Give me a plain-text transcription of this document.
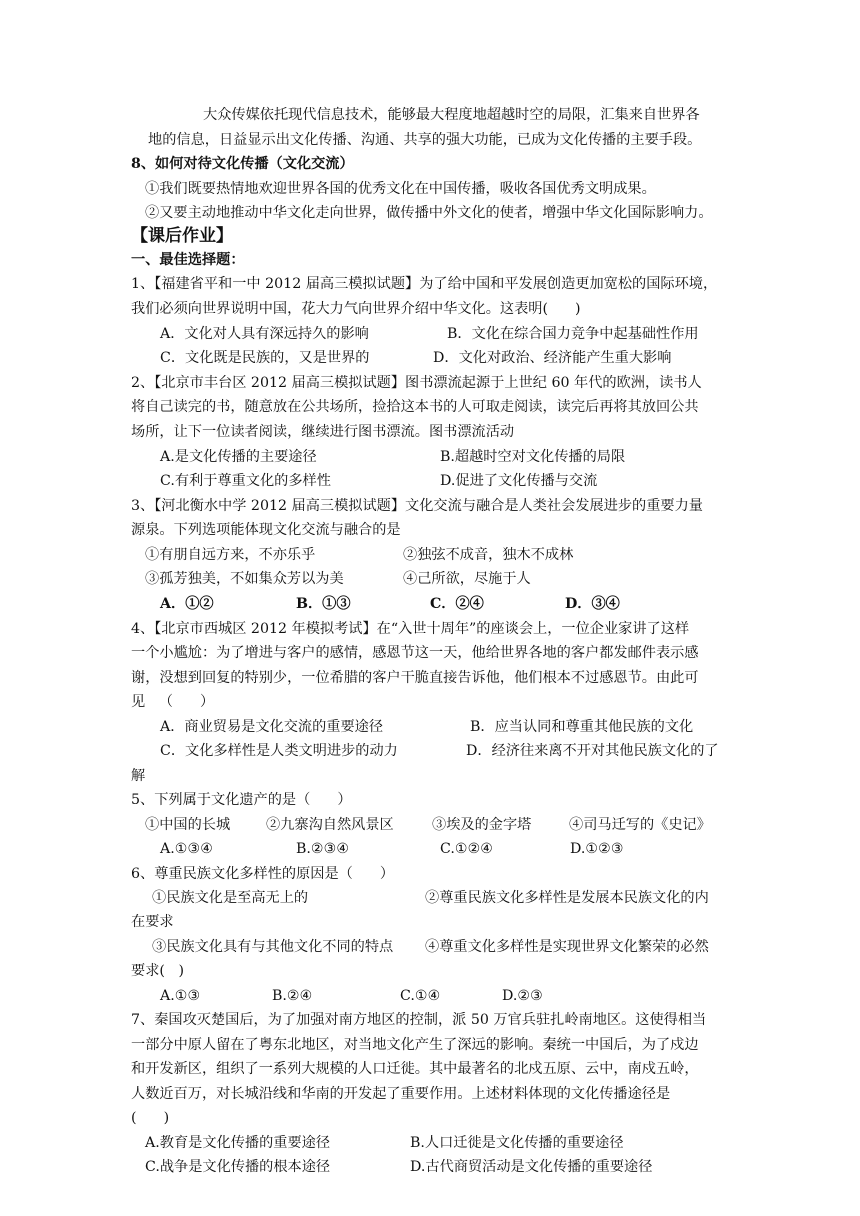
大众传媒依托现代信息技术，能够最大程度地超越时空的局限，汇集来自世界各
地的信息，日益显示出文化传播、沟通、共享的强大功能，已成为文化传播的主要手段。
8、如何对待文化传播（文化交流）
①我们既要热情地欢迎世界各国的优秀文化在中国传播，吸收各国优秀文明成果。
②又要主动地推动中华文化走向世界，做传播中外文化的使者，增强中华文化国际影响力。
【课后作业】
一、最佳选择题：
1、【福建省平和一中 2012 届高三模拟试题】为了给中国和平发展创造更加宽松的国际环境，
我们必须向世界说明中国，花大力气向世界介绍中华文化。这表明(      )
A．文化对人具有深远持久的影响	B．文化在综合国力竞争中起基础性作用
C．文化既是民族的，又是世界的	D．文化对政治、经济能产生重大影响
2、【北京市丰台区 2012 届高三模拟试题】图书漂流起源于上世纪 60 年代的欧洲，读书人
将自己读完的书，随意放在公共场所，捡拾这本书的人可取走阅读，读完后再将其放回公共
场所，让下一位读者阅读，继续进行图书漂流。图书漂流活动
A.是文化传播的主要途径	B.超越时空对文化传播的局限
C.有利于尊重文化的多样性	D.促进了文化传播与交流
3、【河北衡水中学 2012 届高三模拟试题】文化交流与融合是人类社会发展进步的重要力量
源泉。下列选项能体现文化交流与融合的是
①有朋自远方来，不亦乐乎	②独弦不成音，独木不成林
③孤芳独美，不如集众芳以为美	④己所欲，尽施于人
A．①②	B．①③	C．②④	D．③④
4、【北京市西城区 2012 年模拟考试】在“入世十周年”的座谈会上，一位企业家讲了这样
一个小尴尬：为了增进与客户的感情，感恩节这一天，他给世界各地的客户都发邮件表示感
谢，没想到回复的特别少，一位希腊的客户干脆直接告诉他，他们根本不过感恩节。由此可
见   （      ）
A．商业贸易是文化交流的重要途径	B．应当认同和尊重其他民族的文化
C．文化多样性是人类文明进步的动力	D．经济往来离不开对其他民族文化的了
解
5、下列属于文化遗产的是（      ）
①中国的长城	②九寨沟自然风景区	③埃及的金字塔	④司马迁写的《史记》
A.①③④	B.②③④	C.①②④	D.①②③
6、尊重民族文化多样性的原因是（      ）
①民族文化是至高无上的	②尊重民族文化多样性是发展本民族文化的内
在要求
③民族文化具有与其他文化不同的特点 ④尊重文化多样性是实现世界文化繁荣的必然
要求(   )
A.①③	B.②④	C.①④	D.②③
7、秦国攻灭楚国后，为了加强对南方地区的控制，派 50 万官兵驻扎岭南地区。这使得相当
一部分中原人留在了粤东北地区，对当地文化产生了深远的影响。秦统一中国后，为了戍边
和开发新区，组织了一系列大规模的人口迁徙。其中最著名的北戍五原、云中，南戍五岭，
人数近百万，对长城沿线和华南的开发起了重要作用。上述材料体现的文化传播途径是
(      )
A.教育是文化传播的重要途径	B.人口迁徙是文化传播的重要途径
C.战争是文化传播的根本途径	D.古代商贸活动是文化传播的重要途径
